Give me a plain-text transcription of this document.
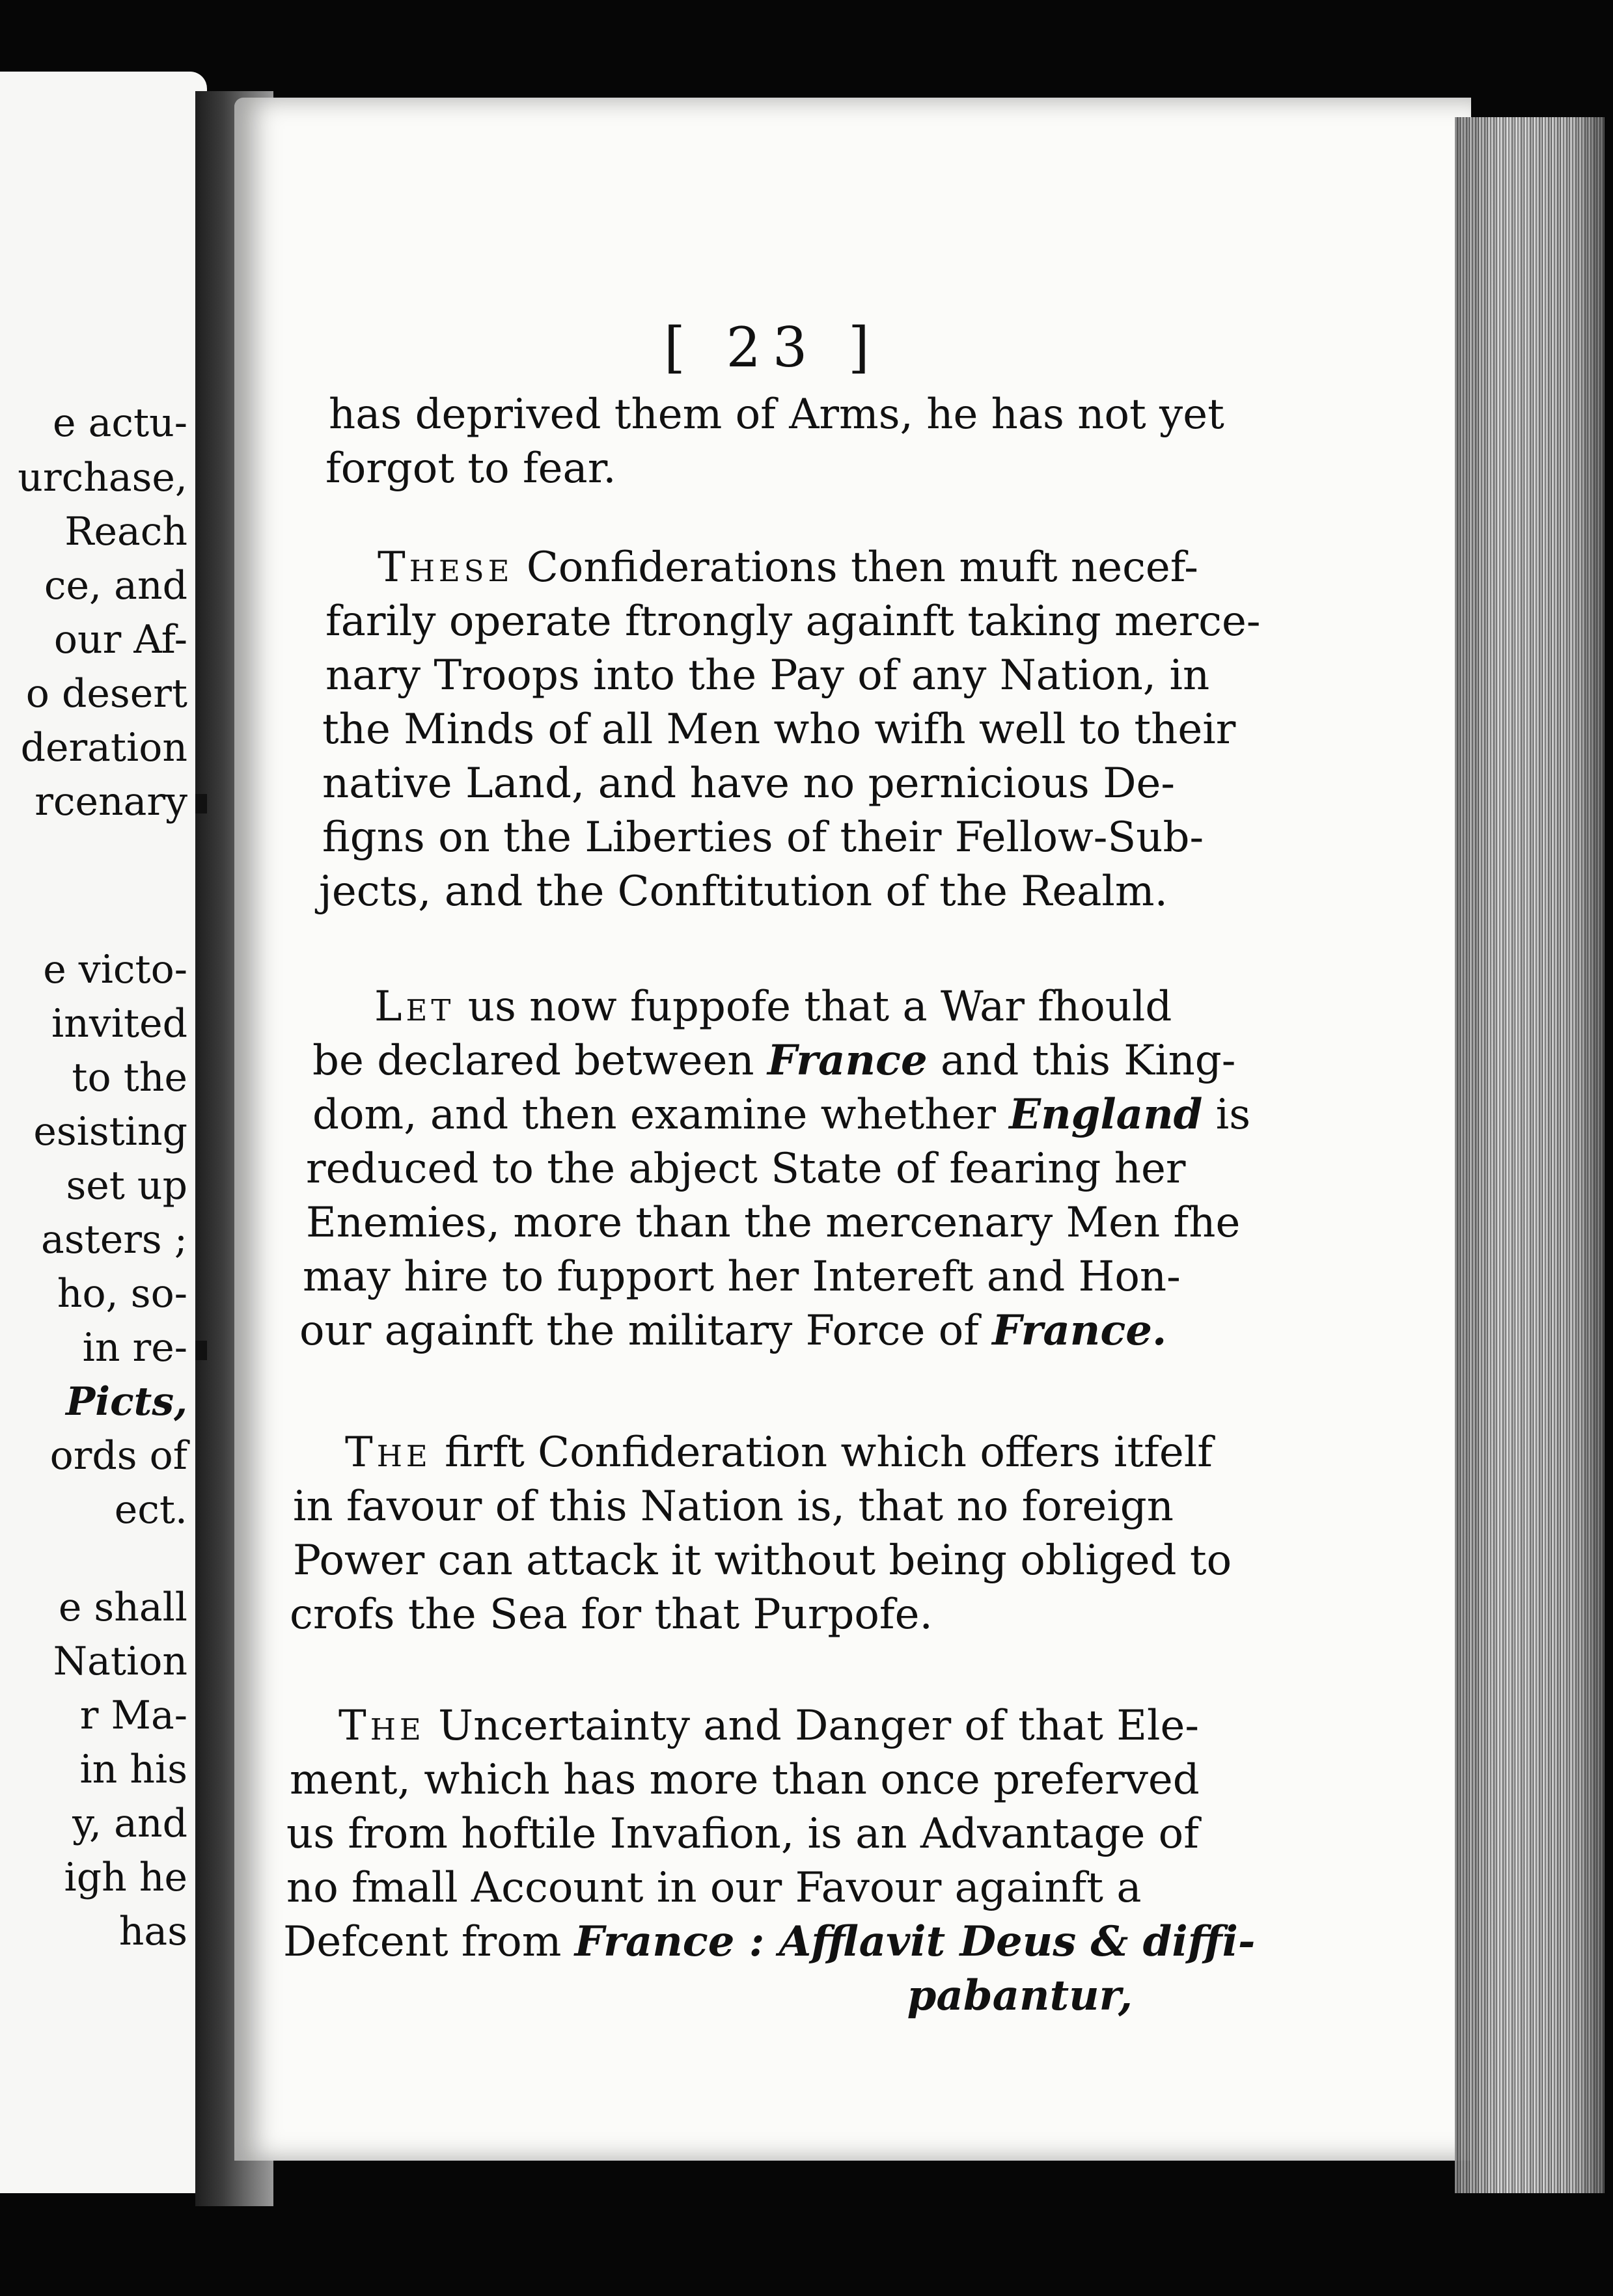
e actu-
urchase,
Reach
ce, and
our Af-
o desert
deration
rcenary
e victo-
invited
to the
esisting
set up
asters ;
ho, so-
in re-
Picts,
ords of
ect.
e shall
Nation
r Ma-
in his
y, and
igh he
has
[ 23 ]
has deprived them of Arms, he has not yet
forgot to fear.
These Confiderations then muft necef-
farily operate ftrongly againft taking merce-
nary Troops into the Pay of any Nation, in
the Minds of all Men who wifh well to their
native Land, and have no pernicious De-
figns on the Liberties of their Fellow-Sub-
jects, and the Conftitution of the Realm.
Let us now fuppofe that a War fhould
be declared between France and this King-
dom, and then examine whether England is
reduced to the abject State of fearing her
Enemies, more than the mercenary Men fhe
may hire to fupport her Intereft and Hon-
our againft the military Force of France.
The firft Confideration which offers itfelf
in favour of this Nation is, that no foreign
Power can attack it without being obliged to
crofs the Sea for that Purpofe.
The Uncertainty and Danger of that Ele-
ment, which has more than once preferved
us from hoftile Invafion, is an Advantage of
no fmall Account in our Favour againft a
Defcent from France : Afflavit Deus & diffi-
pabantur,
